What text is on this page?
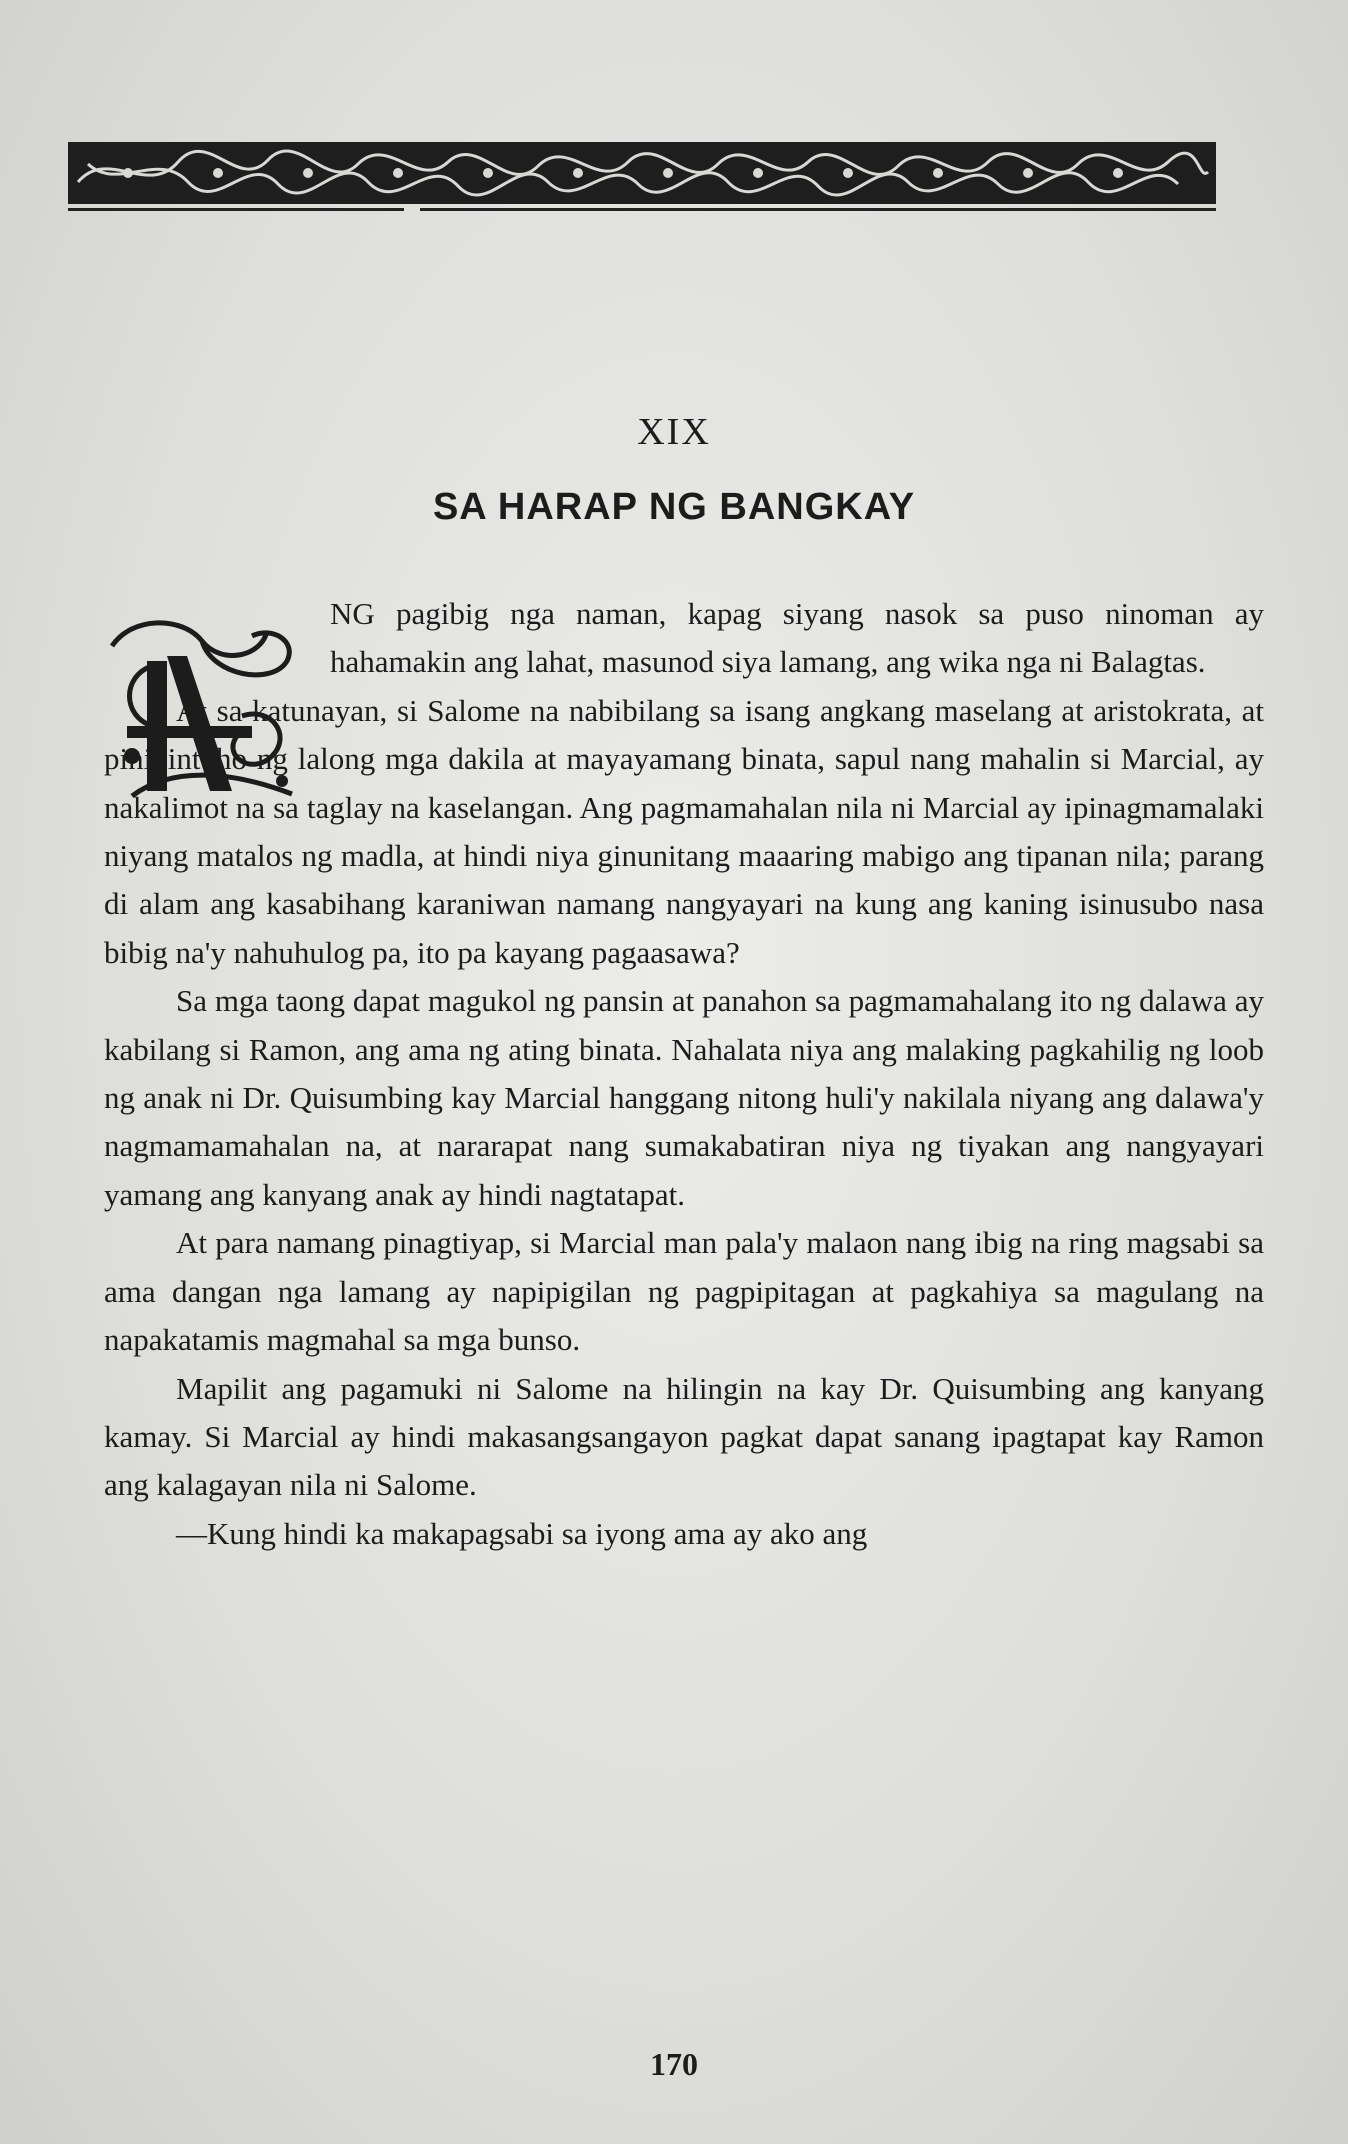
XIX
SA HARAP NG BANGKAY

NG pagibig nga naman, kapag siyang nasok sa puso ninoman ay hahamakin ang lahat, masunod siya lamang, ang wika nga ni Balagtas.

At sa katunayan, si Salome na nabibilang sa isang angkang maselang at aristokrata, at pinipintuho ng lalong mga dakila at mayayamang binata, sapul nang mahalin si Marcial, ay nakalimot na sa taglay na kaselangan. Ang pagmamahalan nila ni Marcial ay ipinagmamalaki niyang matalos ng madla, at hindi niya ginunitang maaaring mabigo ang tipanan nila; parang di alam ang kasabihang karaniwan namang nangyayari na kung ang kaning isinusubo nasa bibig na'y nahuhulog pa, ito pa kayang pagaasawa?

Sa mga taong dapat magukol ng pansin at panahon sa pagmamahalang ito ng dalawa ay kabilang si Ramon, ang ama ng ating binata. Nahalata niya ang malaking pagkahilig ng loob ng anak ni Dr. Quisumbing kay Marcial hanggang nitong huli'y nakilala niyang ang dalawa'y nagmamamahalan na, at nararapat nang sumakabatiran niya ng tiyakan ang nangyayari yamang ang kanyang anak ay hindi nagtatapat.

At para namang pinagtiyap, si Marcial man pala'y malaon nang ibig na ring magsabi sa ama dangan nga lamang ay napipigilan ng pagpipitagan at pagkahiya sa magulang na napakatamis magmahal sa mga bunso.

Mapilit ang pagamuki ni Salome na hilingin na kay Dr. Quisumbing ang kanyang kamay. Si Marcial ay hindi makasangsangayon pagkat dapat sanang ipagtapat kay Ramon ang kalagayan nila ni Salome.

—Kung hindi ka makapagsabi sa iyong ama ay ako ang

170
